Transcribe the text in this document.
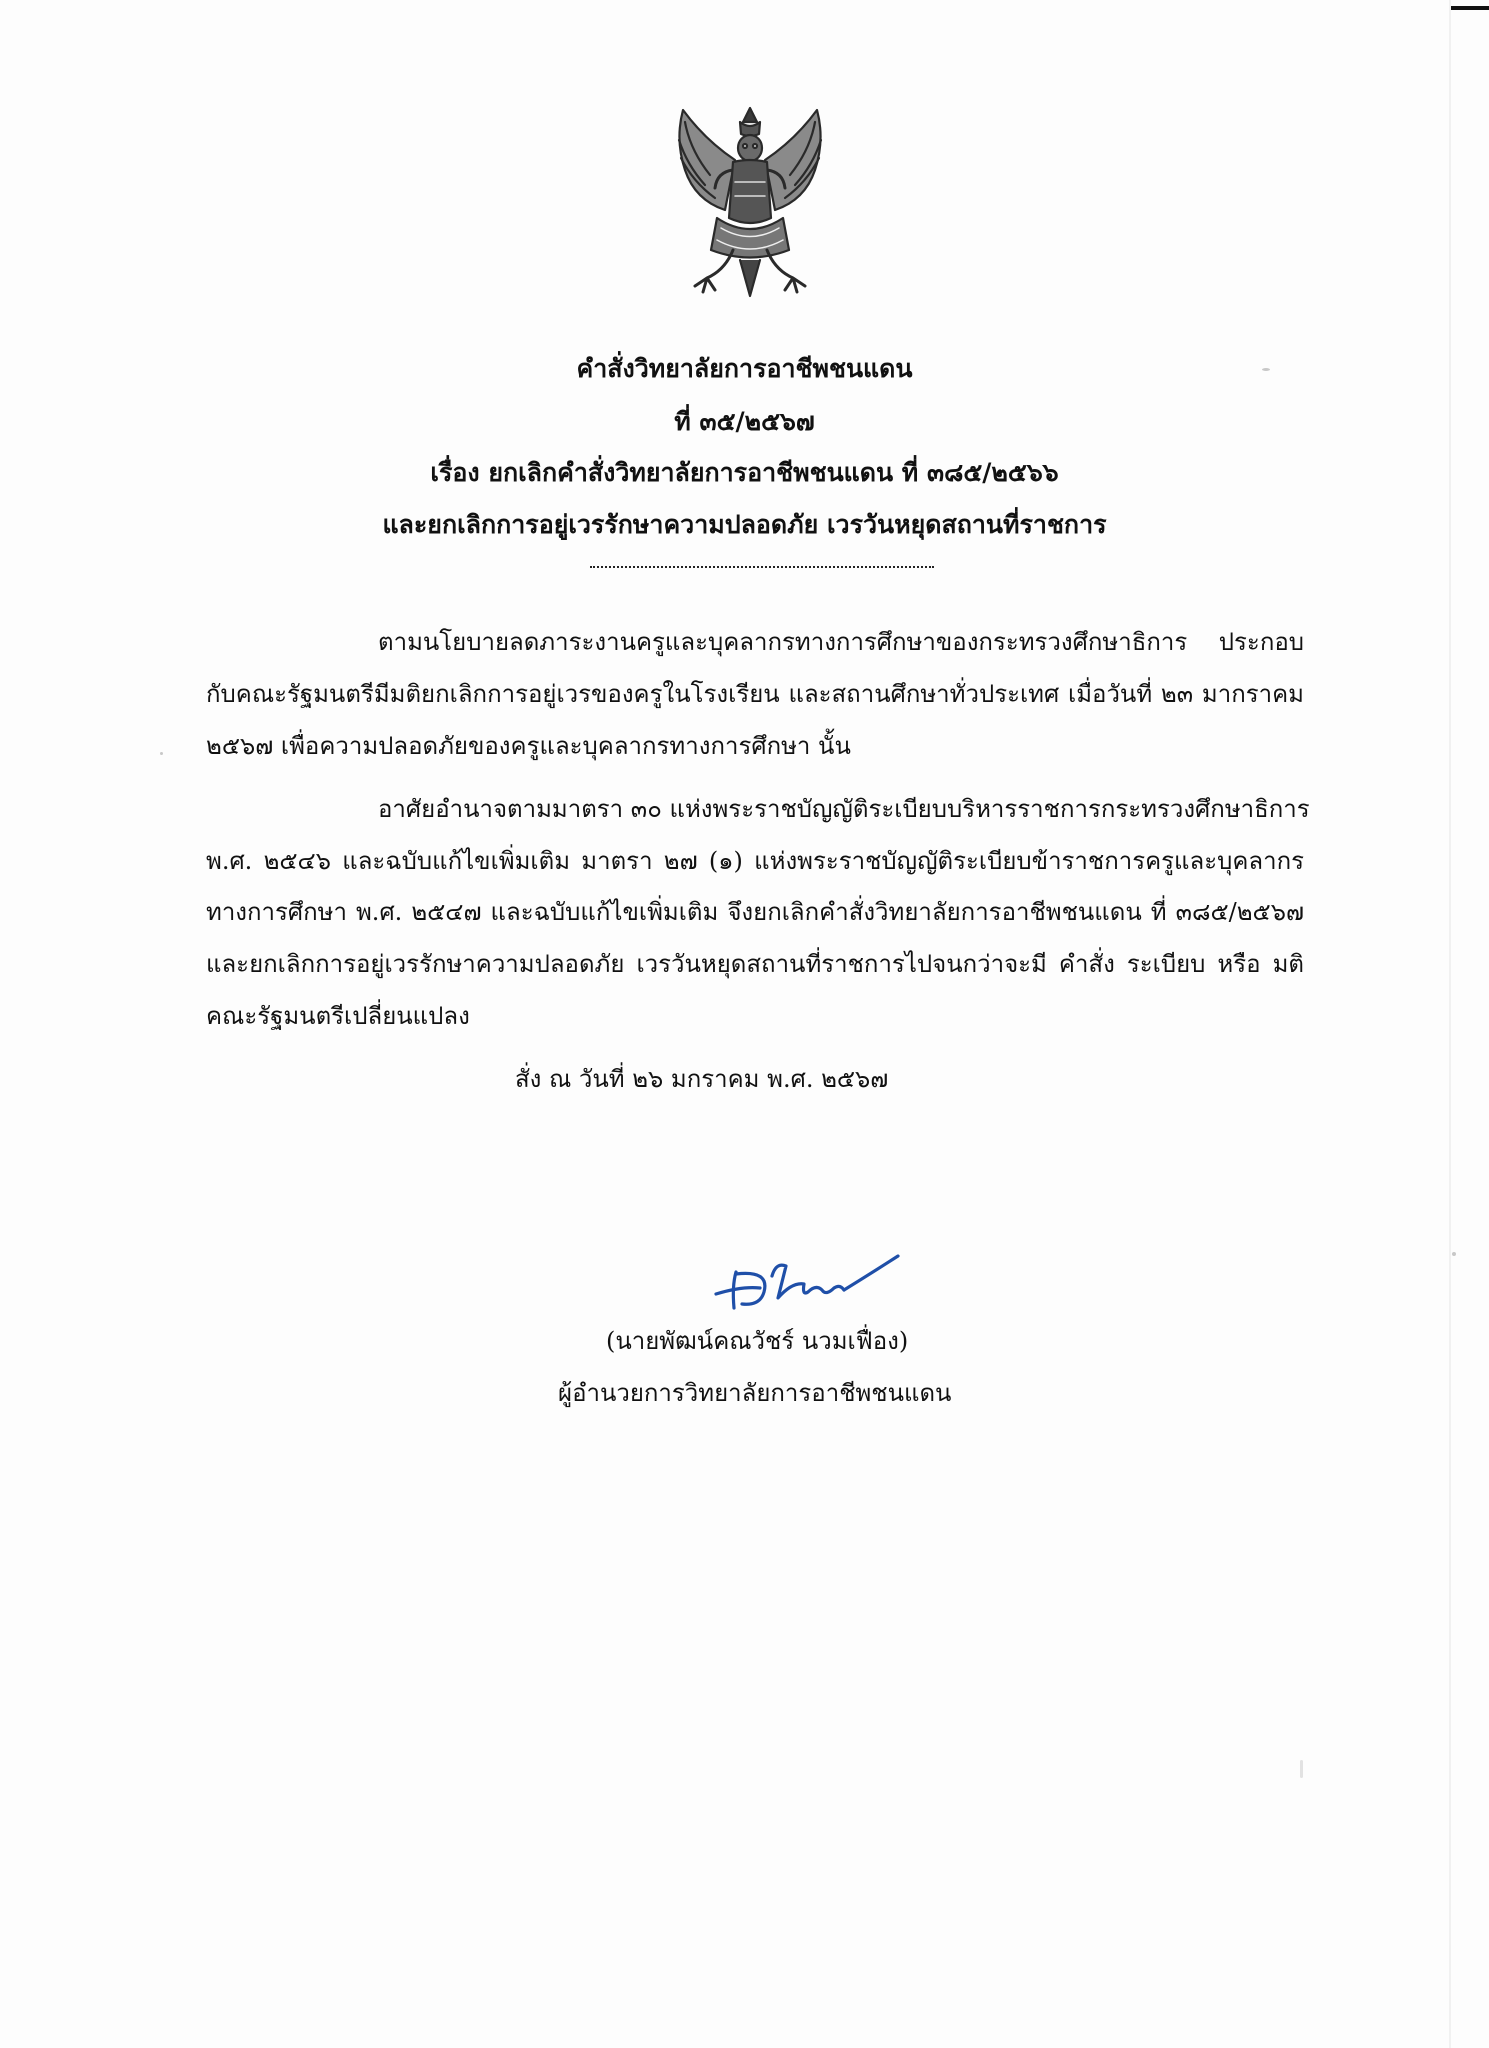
คำสั่งวิทยาลัยการอาชีพชนแดน
ที่ ๓๕/๒๕๖๗
เรื่อง ยกเลิกคำสั่งวิทยาลัยการอาชีพชนแดน ที่ ๓๘๕/๒๕๖๖
และยกเลิกการอยู่เวรรักษาความปลอดภัย เวรวันหยุดสถานที่ราชการ
ตามนโยบายลดภาระงานครูและบุคลากรทางการศึกษาของกระทรวงศึกษาธิการ ประกอบ
กับคณะรัฐมนตรีมีมติยกเลิกการอยู่เวรของครูในโรงเรียน และสถานศึกษาทั่วประเทศ เมื่อวันที่ ๒๓ มากราคม
๒๕๖๗ เพื่อความปลอดภัยของครูและบุคลากรทางการศึกษา นั้น
อาศัยอำนาจตามมาตรา ๓๐ แห่งพระราชบัญญัติระเบียบบริหารราชการกระทรวงศึกษาธิการ
พ.ศ. ๒๕๔๖ และฉบับแก้ไขเพิ่มเติม มาตรา ๒๗ (๑) แห่งพระราชบัญญัติระเบียบข้าราชการครูและบุคลากร
ทางการศึกษา พ.ศ. ๒๕๔๗ และฉบับแก้ไขเพิ่มเติม จึงยกเลิกคำสั่งวิทยาลัยการอาชีพชนแดน ที่ ๓๘๕/๒๕๖๗
และยกเลิกการอยู่เวรรักษาความปลอดภัย เวรวันหยุดสถานที่ราชการไปจนกว่าจะมี คำสั่ง ระเบียบ หรือ มติ
คณะรัฐมนตรีเปลี่ยนแปลง
สั่ง ณ วันที่ ๒๖ มกราคม พ.ศ. ๒๕๖๗
(นายพัฒน์คณวัชร์ นวมเฟื่อง)
ผู้อำนวยการวิทยาลัยการอาชีพชนแดน
